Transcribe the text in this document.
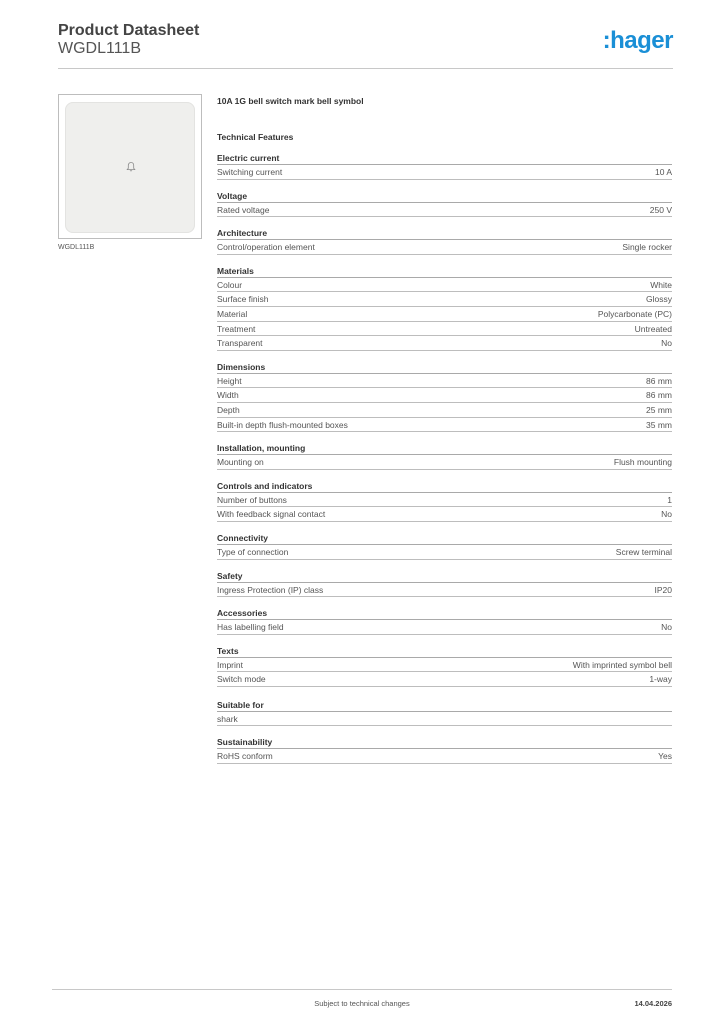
Product Datasheet
WGDL111B	:hager
WGDL111B
10A 1G bell switch mark bell symbol
Technical Features
Electric current
Switching current	10 A
Voltage
Rated voltage	250 V
Architecture
Control/operation element	Single rocker
Materials
Colour	White
Surface finish	Glossy
Material	Polycarbonate (PC)
Treatment	Untreated
Transparent	No
Dimensions
Height	86 mm
Width	86 mm
Depth	25 mm
Built-in depth flush-mounted boxes	35 mm
Installation, mounting
Mounting on	Flush mounting
Controls and indicators
Number of buttons	1
With feedback signal contact	No
Connectivity
Type of connection	Screw terminal
Safety
Ingress Protection (IP) class	IP20
Accessories
Has labelling field	No
Texts
Imprint	With imprinted symbol bell
Switch mode	1-way
Suitable for
shark
Sustainability
RoHS conform	Yes
Subject to technical changes	14.04.2026
